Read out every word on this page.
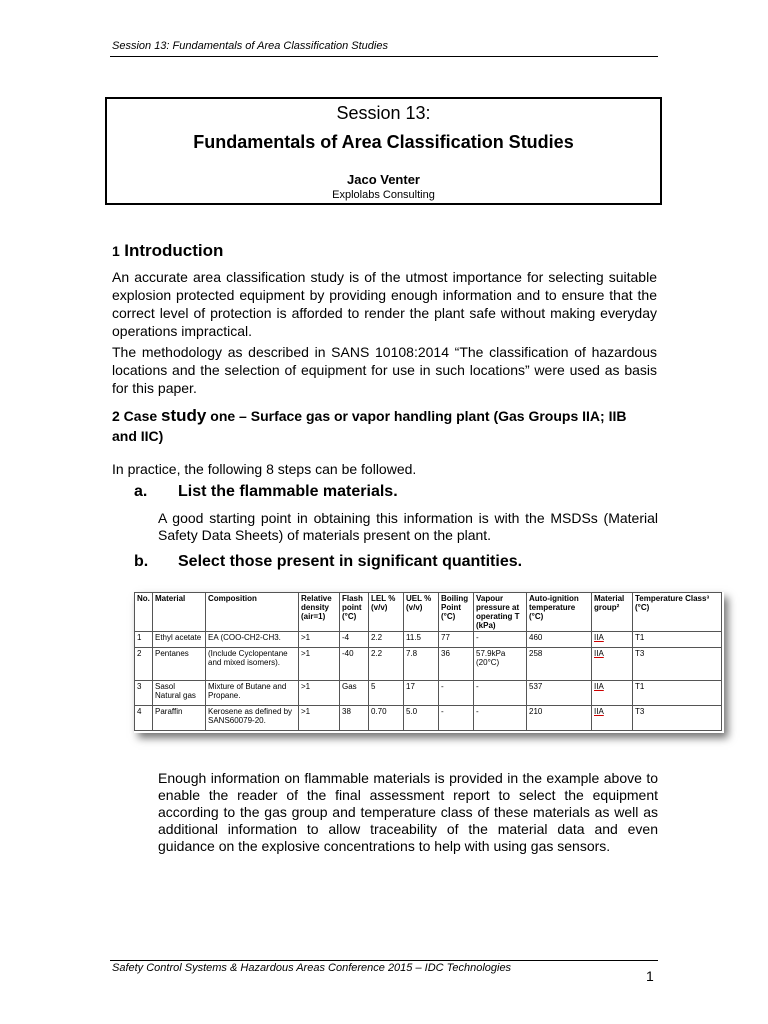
Session 13: Fundamentals of Area Classification Studies
Session 13:
Fundamentals of Area Classification Studies
Jaco Venter
Explolabs Consulting
1 Introduction
An accurate area classification study is of the utmost importance for selecting suitable explosion protected equipment by providing enough information and to ensure that the correct level of protection is afforded to render the plant safe without making everyday operations impractical.
The methodology as described in SANS 10108:2014 “The classification of hazardous locations and the selection of equipment for use in such locations” were used as basis for this paper.
2 Case study one – Surface gas or vapor handling plant (Gas Groups IIA; IIB and IIC)
In practice, the following 8 steps can be followed.
a. List the flammable materials.
A good starting point in obtaining this information is with the MSDSs (Material Safety Data Sheets) of materials present on the plant.
b. Select those present in significant quantities.
No.	Material	Composition	Relative density (air=1)	Flash point (°C)	LEL % (v/v)	UEL % (v/v)	Boiling Point (°C)	Vapour pressure at operating T (kPa)	Auto-ignition temperature (°C)	Material group²	Temperature Class³ (°C)
1	Ethyl acetate	EA (COO-CH2-CH3.	>1	-4	2.2	11.5	77	-	460	IIA	T1
2	Pentanes	(Include Cyclopentane and mixed isomers).	>1	-40	2.2	7.8	36	57.9kPa (20°C)	258	IIA	T3
3	Sasol Natural gas	Mixture of Butane and Propane.	>1	Gas	5	17	-	-	537	IIA	T1
4	Paraffin	Kerosene as defined by SANS60079-20.	>1	38	0.70	5.0	-	-	210	IIA	T3
Enough information on flammable materials is provided in the example above to enable the reader of the final assessment report to select the equipment according to the gas group and temperature class of these materials as well as additional information to allow traceability of the material data and even guidance on the explosive concentrations to help with using gas sensors.
Safety Control Systems & Hazardous Areas Conference 2015 – IDC Technologies	1
